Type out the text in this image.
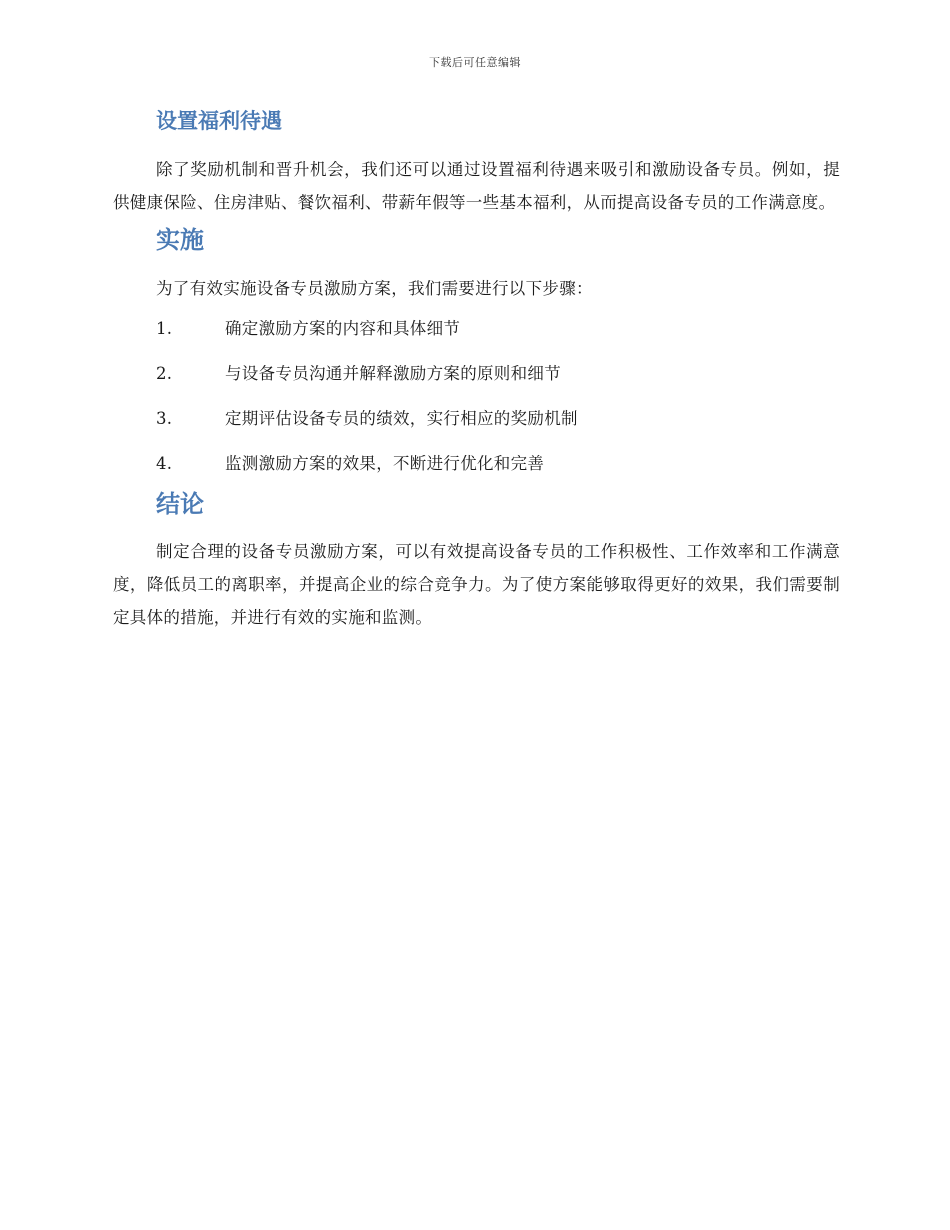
下载后可任意编辑
设置福利待遇

除了奖励机制和晋升机会，我们还可以通过设置福利待遇来吸引和激励设备专员。例如，提供健康保险、住房津贴、餐饮福利、带薪年假等一些基本福利，从而提高设备专员的工作满意度。

实施

为了有效实施设备专员激励方案，我们需要进行以下步骤：

1.	确定激励方案的内容和具体细节
2.	与设备专员沟通并解释激励方案的原则和细节
3.	定期评估设备专员的绩效，实行相应的奖励机制
4.	监测激励方案的效果，不断进行优化和完善
结论

制定合理的设备专员激励方案，可以有效提高设备专员的工作积极性、工作效率和工作满意度，降低员工的离职率，并提高企业的综合竞争力。为了使方案能够取得更好的效果，我们需要制定具体的措施，并进行有效的实施和监测。
